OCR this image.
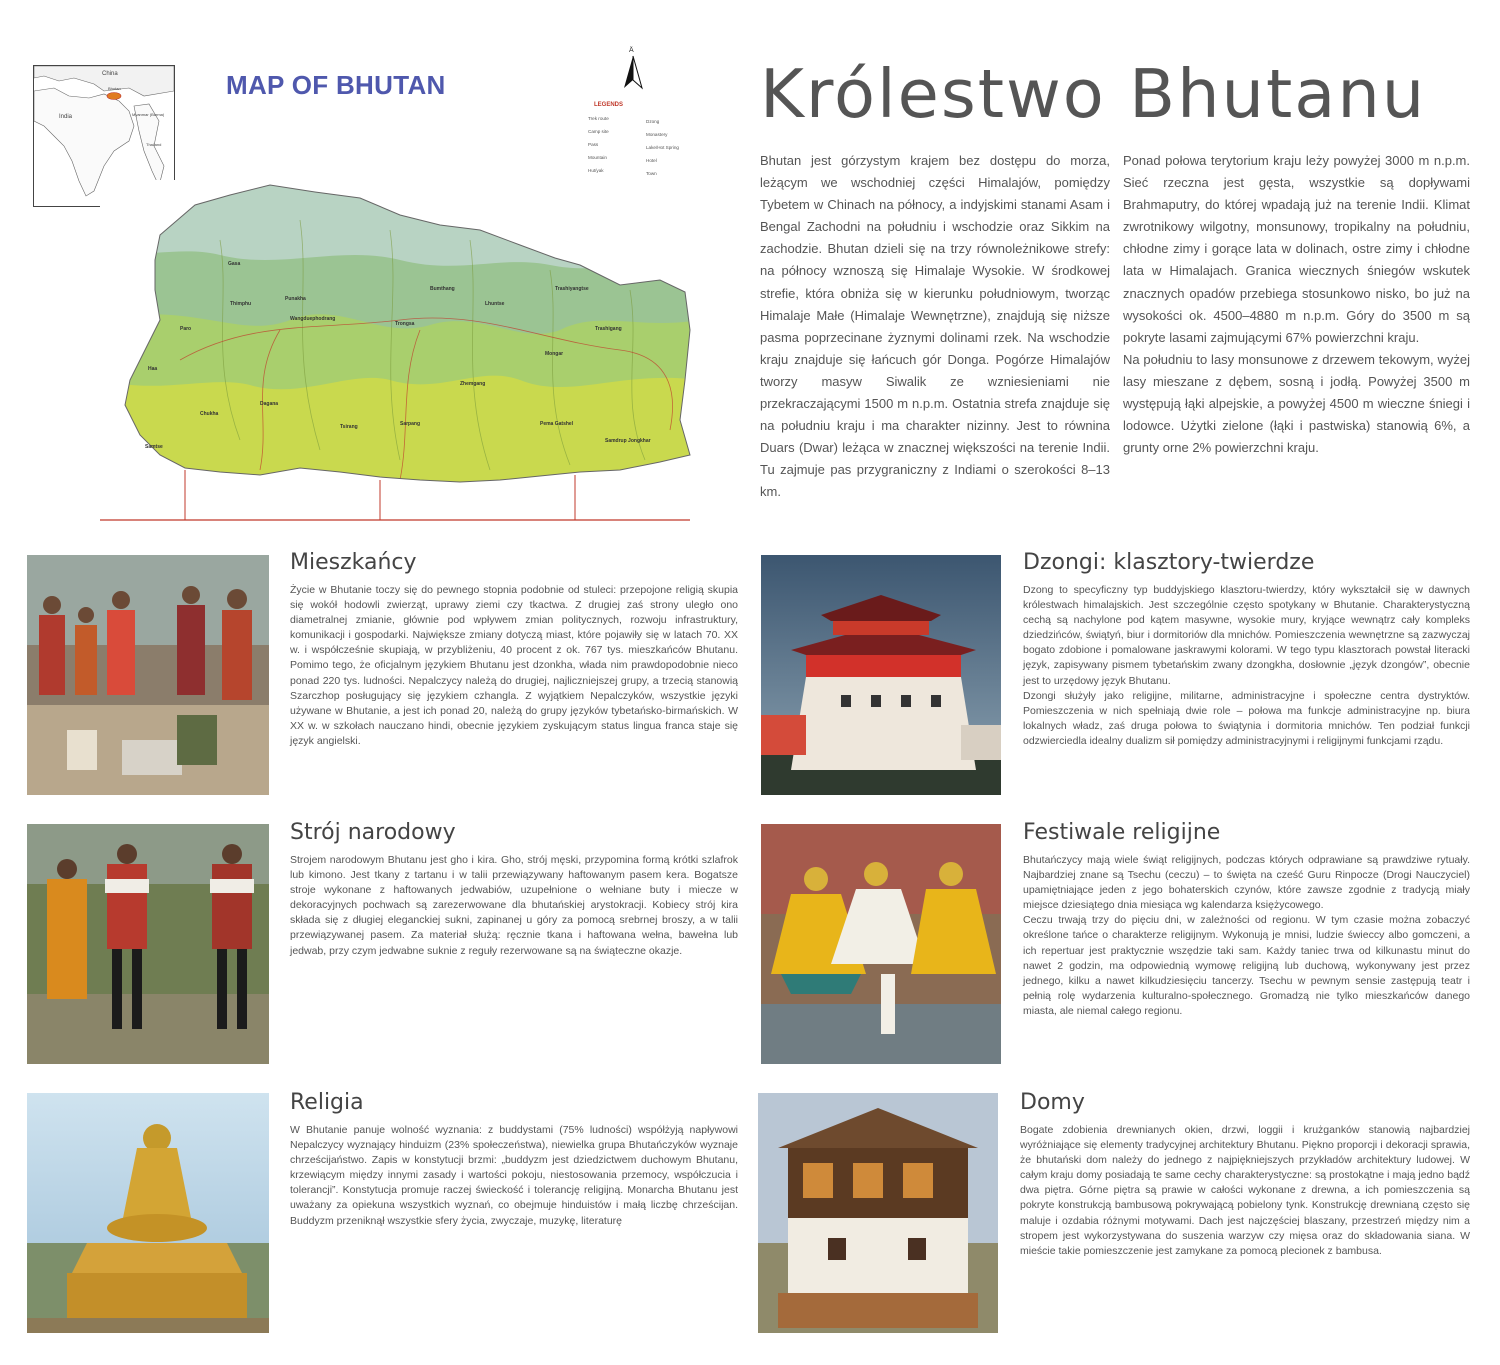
China
India
Bhutan
Myanmar (Burma)
Thailand
MAP OF BHUTAN
Ä
LEGENDS
Trek route
Camp site
Pass
Mountain
Hut/yak
Dzong
Monastery
Lake/Hot Spring
Hotel
Town
Gasa
Thimphu
Paro
Punakha
Wangduephodrang
Trongsa
Bumthang
Lhuntse
Trashiyangtse
Trashigang
Mongar
Zhemgang
Sarpang
Tsirang
Dagana
Chukha
Haa
Samtse
Pema Gatshel
Samdrup Jongkhar
Królestwo Bhutanu

Bhutan jest górzystym krajem bez dostępu do morza, leżącym we wschodniej części Himalajów, pomiędzy Tybetem w Chinach na północy, a indyjskimi stanami Asam i Bengal Zachodni na południu i wschodzie oraz Sikkim na zachodzie. Bhutan dzieli się na trzy równoleżnikowe strefy: na północy wznoszą się Himalaje Wysokie. W środkowej strefie, która obniża się w kierunku południowym, tworząc Himalaje Małe (Himalaje Wewnętrzne), znajdują się niższe pasma poprzecinane żyznymi dolinami rzek. Na wschodzie kraju znajduje się łańcuch gór Donga. Pogórze Himalajów tworzy masyw Siwalik ze wzniesieniami nie przekraczającymi 1500 m n.p.m. Ostatnia strefa znajduje się na południu kraju i ma charakter nizinny. Jest to równina Duars (Dwar) leżąca w znacznej większości na terenie Indii. Tu zajmuje pas przygraniczny z Indiami o szerokości 8–13 km.

Ponad połowa terytorium kraju leży powyżej 3000 m n.p.m. Sieć rzeczna jest gęsta, wszystkie są dopływami Brahmaputry, do której wpadają już na terenie Indii. Klimat zwrotnikowy wilgotny, monsunowy, tropikalny na południu, chłodne zimy i gorące lata w dolinach, ostre zimy i chłodne lata w Himalajach. Granica wiecznych śniegów wskutek znacznych opadów przebiega stosunkowo nisko, bo już na wysokości ok. 4500–4880 m n.p.m. Góry do 3500 m są pokryte lasami zajmującymi 67% powierzchni kraju.

Na południu to lasy monsunowe z drzewem tekowym, wyżej lasy mieszane z dębem, sosną i jodłą. Powyżej 3500 m występują łąki alpejskie, a powyżej 4500 m wieczne śniegi i lodowce. Użytki zielone (łąki i pastwiska) stanowią 6%, a grunty orne 2% powierzchni kraju.

Mieszkańcy

Życie w Bhutanie toczy się do pewnego stopnia podobnie od stuleci: przepojone religią skupia się wokół hodowli zwierząt, uprawy ziemi czy tkactwa. Z drugiej zaś strony uległo ono diametralnej zmianie, głównie pod wpływem zmian politycznych, rozwoju infrastruktury, komunikacji i gospodarki. Największe zmiany dotyczą miast, które pojawiły się w latach 70. XX w. i współcześnie skupiają, w przybliżeniu, 40 procent z ok. 767 tys. mieszkańców Bhutanu. Pomimo tego, że oficjalnym językiem Bhutanu jest dzonkha, włada nim prawdopodobnie nieco ponad 220 tys. ludności. Nepalczycy należą do drugiej, najliczniejszej grupy, a trzecią stanowią Szarczhop posługujący się językiem czhangla. Z wyjątkiem Nepalczyków, wszystkie języki używane w Bhutanie, a jest ich ponad 20, należą do grupy języków tybetańsko-birmańskich. W XX w. w szkołach nauczano hindi, obecnie językiem zyskującym status lingua franca staje się język angielski.

Dzongi: klasztory-twierdze

Dzong to specyficzny typ buddyjskiego klasztoru-twierdzy, który wykształcił się w dawnych królestwach himalajskich. Jest szczególnie często spotykany w Bhutanie. Charakterystyczną cechą są nachylone pod kątem masywne, wysokie mury, kryjące wewnątrz cały kompleks dziedzińców, świątyń, biur i dormitoriów dla mnichów. Pomieszczenia wewnętrzne są zazwyczaj bogato zdobione i pomalowane jaskrawymi kolorami. W tego typu klasztorach powstał literacki język, zapisywany pismem tybetańskim zwany dzongkha, dosłownie „język dzongów”, obecnie jest to urzędowy język Bhutanu.

Dzongi służyły jako religijne, militarne, administracyjne i społeczne centra dystryktów. Pomieszczenia w nich spełniają dwie role – połowa ma funkcje administracyjne np. biura lokalnych władz, zaś druga połowa to świątynia i dormitoria mnichów. Ten podział funkcji odzwierciedla idealny dualizm sił pomiędzy administracyjnymi i religijnymi funkcjami rządu.

Strój narodowy

Strojem narodowym Bhutanu jest gho i kira. Gho, strój męski, przypomina formą krótki szlafrok lub kimono. Jest tkany z tartanu i w talii przewiązywany haftowanym pasem kera. Bogatsze stroje wykonane z haftowanych jedwabiów, uzupełnione o wełniane buty i miecze w dekoracyjnych pochwach są zarezerwowane dla bhutańskiej arystokracji. Kobiecy strój kira składa się z długiej eleganckiej sukni, zapinanej u góry za pomocą srebrnej broszy, a w talii przewiązywanej pasem. Za materiał służą: ręcznie tkana i haftowana wełna, bawełna lub jedwab, przy czym jedwabne suknie z reguły rezerwowane są na świąteczne okazje.

Festiwale religijne

Bhutańczycy mają wiele świąt religijnych, podczas których odprawiane są prawdziwe rytuały. Najbardziej znane są Tsechu (ceczu) – to święta na cześć Guru Rinpocze (Drogi Nauczyciel) upamiętniające jeden z jego bohaterskich czynów, które zawsze zgodnie z tradycją miały miejsce dziesiątego dnia miesiąca wg kalendarza księżycowego.

Ceczu trwają trzy do pięciu dni, w zależności od regionu. W tym czasie można zobaczyć określone tańce o charakterze religijnym. Wykonują je mnisi, ludzie świeccy albo gomczeni, a ich repertuar jest praktycznie wszędzie taki sam. Każdy taniec trwa od kilkunastu minut do nawet 2 godzin, ma odpowiednią wymowę religijną lub duchową, wykonywany jest przez jednego, kilku a nawet kilkudziesięciu tancerzy. Tsechu w pewnym sensie zastępują teatr i pełnią rolę wydarzenia kulturalno-społecznego. Gromadzą nie tylko mieszkańców danego miasta, ale niemal całego regionu.

Religia

W Bhutanie panuje wolność wyznania: z buddystami (75% ludności) współżyją napływowi Nepalczycy wyznający hinduizm (23% społeczeństwa), niewielka grupa Bhutańczyków wyznaje chrześcijaństwo. Zapis w konstytucji brzmi: „buddyzm jest dziedzictwem duchowym Bhutanu, krzewiącym między innymi zasady i wartości pokoju, niestosowania przemocy, współczucia i tolerancji”. Konstytucja promuje raczej świeckość i tolerancję religijną. Monarcha Bhutanu jest uważany za opiekuna wszystkich wyznań, co obejmuje hinduistów i małą liczbę chrześcijan. Buddyzm przeniknął wszystkie sfery życia, zwyczaje, muzykę, literaturę

Domy

Bogate zdobienia drewnianych okien, drzwi, loggii i krużganków stanowią najbardziej wyróżniające się elementy tradycyjnej architektury Bhutanu. Piękno proporcji i dekoracji sprawia, że bhutański dom należy do jednego z najpiękniejszych przykładów architektury ludowej. W całym kraju domy posiadają te same cechy charakterystyczne: są prostokątne i mają jedno bądź dwa piętra. Górne piętra są prawie w całości wykonane z drewna, a ich pomieszczenia są pokryte konstrukcją bambusową pokrywającą pobielony tynk. Konstrukcję drewnianą często się maluje i ozdabia różnymi motywami. Dach jest najczęściej blaszany, przestrzeń między nim a stropem jest wykorzystywana do suszenia warzyw czy mięsa oraz do składowania siana. W mieście takie pomieszczenie jest zamykane za pomocą plecionek z bambusa.
